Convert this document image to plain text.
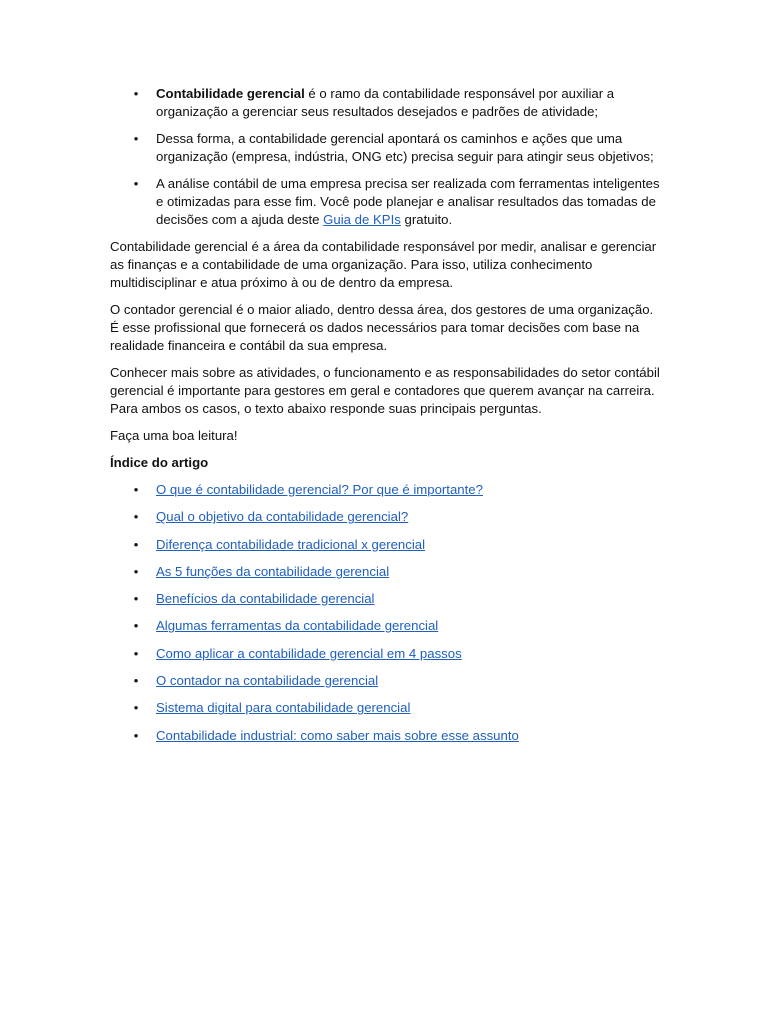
• Contabilidade gerencial é o ramo da contabilidade responsável por auxiliar a organização a gerenciar seus resultados desejados e padrões de atividade;
• Dessa forma, a contabilidade gerencial apontará os caminhos e ações que uma organização (empresa, indústria, ONG etc) precisa seguir para atingir seus objetivos;
• A análise contábil de uma empresa precisa ser realizada com ferramentas inteligentes e otimizadas para esse fim. Você pode planejar e analisar resultados das tomadas de decisões com a ajuda deste Guia de KPIs gratuito.

Contabilidade gerencial é a área da contabilidade responsável por medir, analisar e gerenciar as finanças e a contabilidade de uma organização. Para isso, utiliza conhecimento multidisciplinar e atua próximo à ou de dentro da empresa.

O contador gerencial é o maior aliado, dentro dessa área, dos gestores de uma organização. É esse profissional que fornecerá os dados necessários para tomar decisões com base na realidade financeira e contábil da sua empresa.

Conhecer mais sobre as atividades, o funcionamento e as responsabilidades do setor contábil gerencial é importante para gestores em geral e contadores que querem avançar na carreira. Para ambos os casos, o texto abaixo responde suas principais perguntas.

Faça uma boa leitura!

Índice do artigo
• O que é contabilidade gerencial? Por que é importante?
• Qual o objetivo da contabilidade gerencial?
• Diferença contabilidade tradicional x gerencial
• As 5 funções da contabilidade gerencial
• Benefícios da contabilidade gerencial
• Algumas ferramentas da contabilidade gerencial
• Como aplicar a contabilidade gerencial em 4 passos
• O contador na contabilidade gerencial
• Sistema digital para contabilidade gerencial
• Contabilidade industrial: como saber mais sobre esse assunto
